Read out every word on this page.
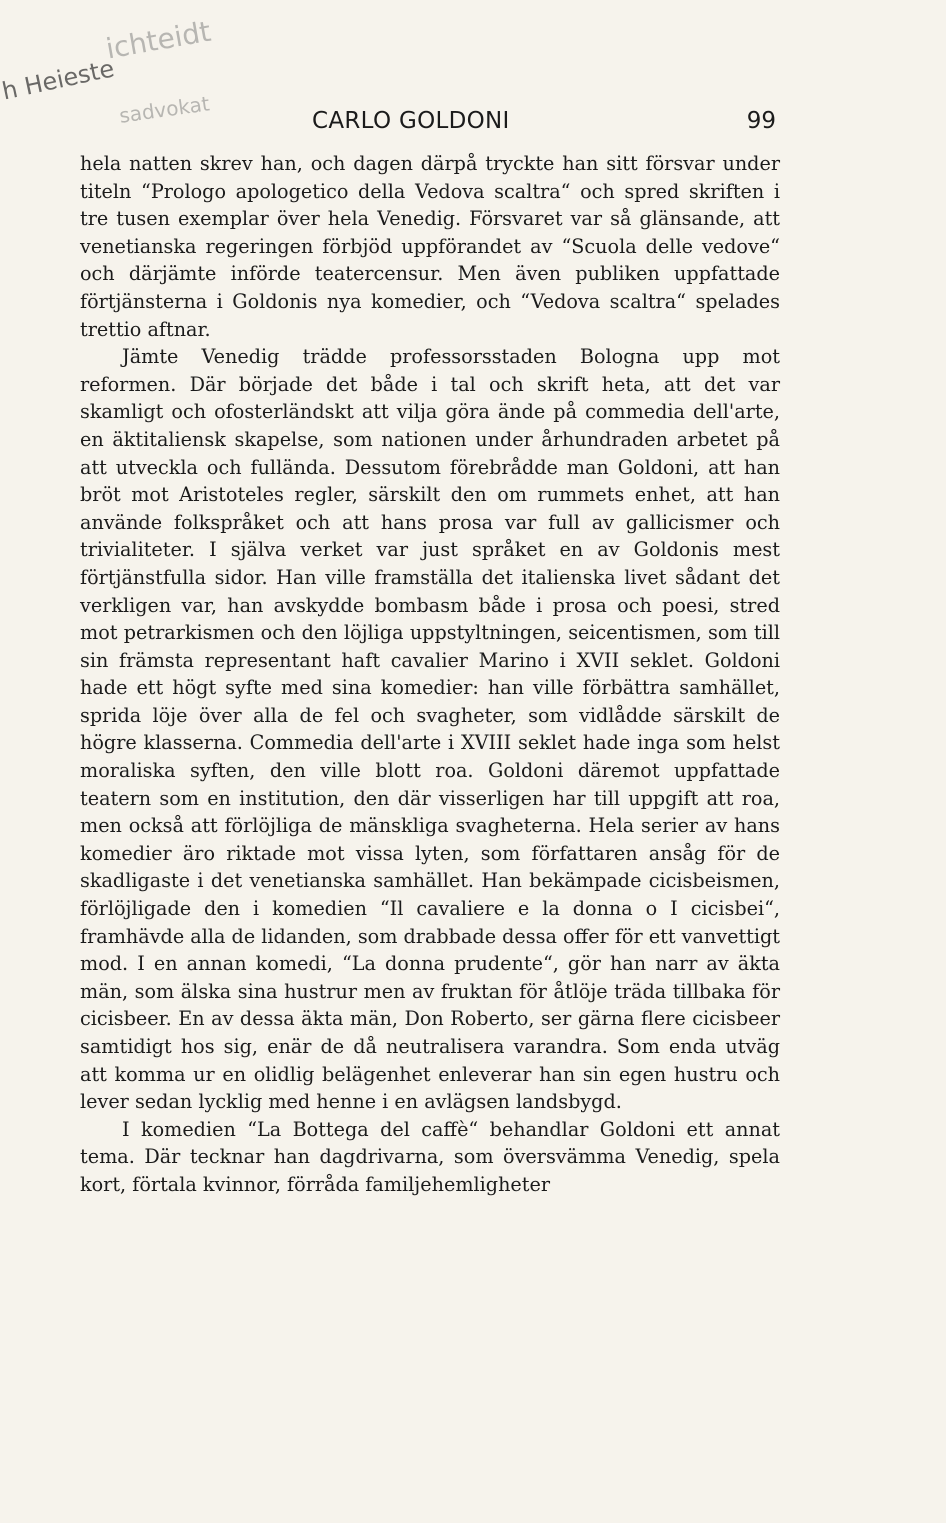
ichteidt
h Heieste
sadvokat	CARLO GOLDONI	99

hela natten skrev han, och dagen därpå tryckte han sitt försvar under titeln “Prologo apologetico della Vedova scaltra“ och spred skriften i tre tusen exemplar över hela Venedig. Försvaret var så glänsande, att venetianska regeringen förbjöd uppförandet av “Scuola delle vedove“ och därjämte införde teatercensur. Men även publiken uppfattade förtjänsterna i Goldonis nya komedier, och “Vedova scaltra“ spelades trettio aftnar.

Jämte Venedig trädde professorsstaden Bologna upp mot reformen. Där började det både i tal och skrift heta, att det var skamligt och ofosterländskt att vilja göra ände på commedia dell'arte, en äktitaliensk skapelse, som nationen under århundraden arbetet på att utveckla och fullända. Dessutom förebrådde man Goldoni, att han bröt mot Aristoteles regler, särskilt den om rummets enhet, att han använde folkspråket och att hans prosa var full av gallicismer och trivialiteter. I själva verket var just språket en av Goldonis mest förtjänstfulla sidor. Han ville framställa det italienska livet sådant det verkligen var, han avskydde bombasm både i prosa och poesi, stred mot petrarkismen och den löjliga uppstyltningen, seicentismen, som till sin främsta representant haft cavalier Marino i XVII seklet. Goldoni hade ett högt syfte med sina komedier: han ville förbättra samhället, sprida löje över alla de fel och svagheter, som vidlådde särskilt de högre klasserna. Commedia dell'arte i XVIII seklet hade inga som helst moraliska syften, den ville blott roa. Goldoni däremot uppfattade teatern som en institution, den där visserligen har till uppgift att roa, men också att förlöjliga de mänskliga svagheterna. Hela serier av hans komedier äro riktade mot vissa lyten, som författaren ansåg för de skadligaste i det venetianska samhället. Han bekämpade cicisbeismen, förlöjligade den i komedien “Il cavaliere e la donna o I cicisbei“, framhävde alla de lidanden, som drabbade dessa offer för ett vanvettigt mod. I en annan komedi, “La donna prudente“, gör han narr av äkta män, som älska sina hustrur men av fruktan för åtlöje träda tillbaka för cicisbeer. En av dessa äkta män, Don Roberto, ser gärna flere cicisbeer samtidigt hos sig, enär de då neutralisera varandra. Som enda utväg att komma ur en olidlig belägenhet enleverar han sin egen hustru och lever sedan lycklig med henne i en avlägsen landsbygd.

I komedien “La Bottega del caffè“ behandlar Goldoni ett annat tema. Där tecknar han dagdrivarna, som översvämma Venedig, spela kort, förtala kvinnor, förråda familjehemligheter
